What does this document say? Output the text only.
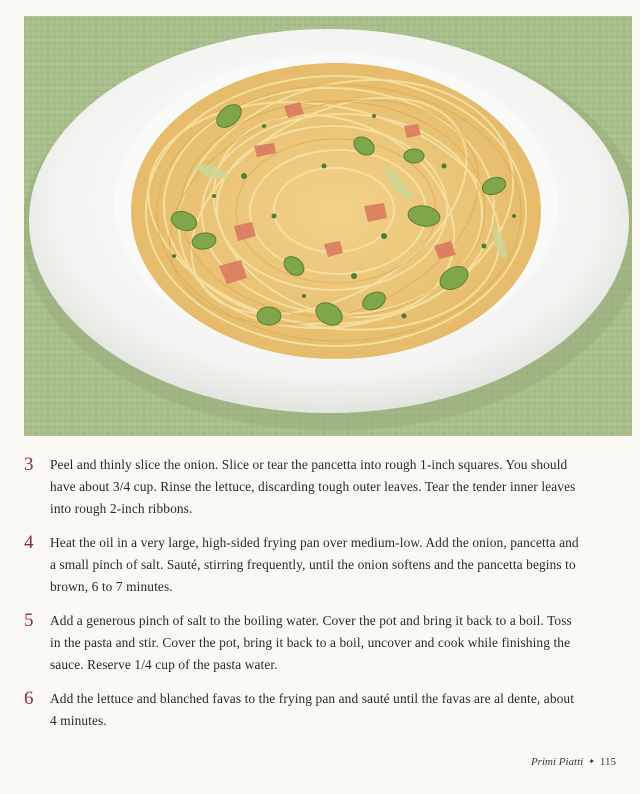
3	Peel and thinly slice the onion. Slice or tear the pancetta into rough 1-inch squares. You should have about 3/4 cup. Rinse the lettuce, discarding tough outer leaves. Tear the tender inner leaves into rough 2-inch ribbons.
4	Heat the oil in a very large, high-sided frying pan over medium-low. Add the onion, pancetta and a small pinch of salt. Sauté, stirring frequently, until the onion softens and the pancetta begins to brown, 6 to 7 minutes.
5	Add a generous pinch of salt to the boiling water. Cover the pot and bring it back to a boil. Toss in the pasta and stir. Cover the pot, bring it back to a boil, uncover and cook while finishing the sauce. Reserve 1/4 cup of the pasta water.
6	Add the lettuce and blanched favas to the frying pan and sauté until the favas are al dente, about 4 minutes.
Primi Piatti ✦ 115
